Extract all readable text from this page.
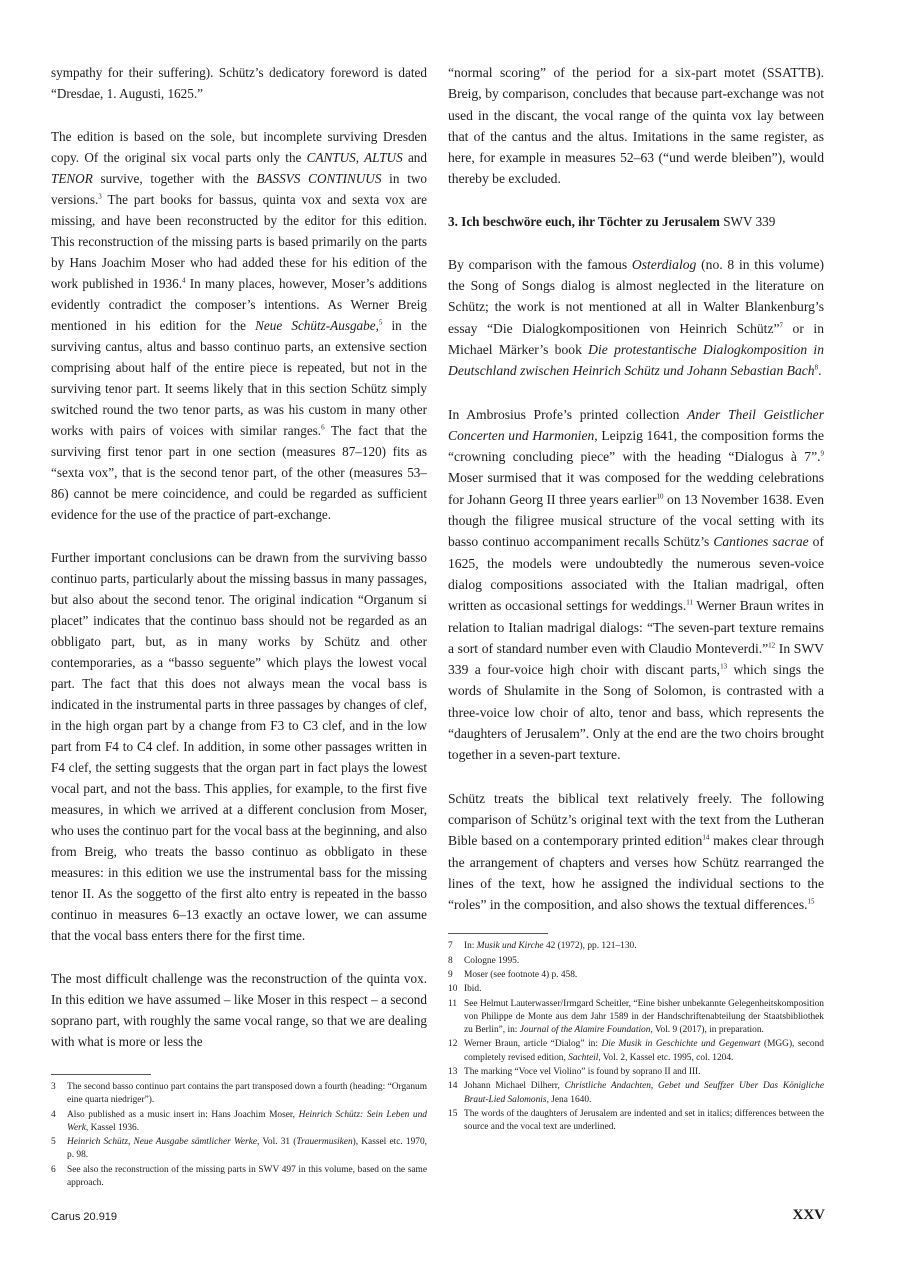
sympathy for their suffering). Schütz’s dedicatory foreword is dated “Dresdae, 1. Augusti, 1625.”

The edition is based on the sole, but incomplete surviving Dresden copy. Of the original six vocal parts only the CANTUS, ALTUS and TENOR survive, together with the BASSVS CONTINUUS in two versions.$^3$ The part books for bassus, quinta vox and sexta vox are missing, and have been reconstructed by the editor for this edition. This reconstruction of the missing parts is based primarily on the parts by Hans Joachim Moser who had added these for his edition of the work published in 1936.$^4$ In many places, however, Moser’s additions evidently contradict the composer’s intentions. As Werner Breig mentioned in his edition for the Neue Schütz-Ausgabe,$^5$ in the surviving cantus, altus and basso continuo parts, an extensive section comprising about half of the entire piece is repeated, but not in the surviving tenor part. It seems likely that in this section Schütz simply switched round the two tenor parts, as was his custom in many other works with pairs of voices with similar ranges.$^6$ The fact that the surviving first tenor part in one section (measures 87–120) fits as “sexta vox”, that is the second tenor part, of the other (measures 53–86) cannot be mere coincidence, and could be regarded as sufficient evidence for the use of the practice of part-exchange.

Further important conclusions can be drawn from the surviving basso continuo parts, particularly about the missing bassus in many passages, but also about the second tenor. The original indication “Organum si placet” indicates that the continuo bass should not be regarded as an obbligato part, but, as in many works by Schütz and other contemporaries, as a “basso seguente” which plays the lowest vocal part. The fact that this does not always mean the vocal bass is indicated in the instrumental parts in three passages by changes of clef, in the high organ part by a change from F3 to C3 clef, and in the low part from F4 to C4 clef. In addition, in some other passages written in F4 clef, the setting suggests that the organ part in fact plays the lowest vocal part, and not the bass. This applies, for example, to the first five measures, in which we arrived at a different conclusion from Moser, who uses the continuo part for the vocal bass at the beginning, and also from Breig, who treats the basso continuo as obbligato in these measures: in this edition we use the instrumental bass for the missing tenor II. As the soggetto of the first alto entry is repeated in the basso continuo in measures 6–13 exactly an octave lower, we can assume that the vocal bass enters there for the first time.

The most difficult challenge was the reconstruction of the quinta vox. In this edition we have assumed – like Moser in this respect – a second soprano part, with roughly the same vocal range, so that we are dealing with what is more or less the

3 The second basso continuo part contains the part transposed down a fourth (heading: “Organum eine quarta niedriger”).
4 Also published as a music insert in: Hans Joachim Moser, Heinrich Schütz: Sein Leben und Werk, Kassel 1936.
5 Heinrich Schütz, Neue Ausgabe sämtlicher Werke, Vol. 31 (Trauermusiken), Kassel etc. 1970, p. 98.
6 See also the reconstruction of the missing parts in SWV 497 in this volume, based on the same approach.

“normal scoring” of the period for a six-part motet (SSATTB). Breig, by comparison, concludes that because part-exchange was not used in the discant, the vocal range of the quinta vox lay between that of the cantus and the altus. Imitations in the same register, as here, for example in measures 52–63 (“und werde bleiben”), would thereby be excluded.

3. Ich beschwöre euch, ihr Töchter zu Jerusalem SWV 339

By comparison with the famous Osterdialog (no. 8 in this volume) the Song of Songs dialog is almost neglected in the literature on Schütz; the work is not mentioned at all in Walter Blankenburg’s essay “Die Dialogkompositionen von Heinrich Schütz”$^7$ or in Michael Märker’s book Die protestantische Dialogkomposition in Deutschland zwischen Heinrich Schütz und Johann Sebastian Bach$^8$.

In Ambrosius Profe’s printed collection Ander Theil Geistlicher Concerten und Harmonien, Leipzig 1641, the composition forms the “crowning concluding piece” with the heading “Dialogus à 7”.$^9$ Moser surmised that it was composed for the wedding celebrations for Johann Georg II three years earlier$^{10}$ on 13 November 1638. Even though the filigree musical structure of the vocal setting with its basso continuo accompaniment recalls Schütz’s Cantiones sacrae of 1625, the models were undoubtedly the numerous seven-voice dialog compositions associated with the Italian madrigal, often written as occasional settings for weddings.$^{11}$ Werner Braun writes in relation to Italian madrigal dialogs: “The seven-part texture remains a sort of standard number even with Claudio Monteverdi.”$^{12}$ In SWV 339 a four-voice high choir with discant parts,$^{13}$ which sings the words of Shulamite in the Song of Solomon, is contrasted with a three-voice low choir of alto, tenor and bass, which represents the “daughters of Jerusalem”. Only at the end are the two choirs brought together in a seven-part texture.

Schütz treats the biblical text relatively freely. The following comparison of Schütz’s original text with the text from the Lutheran Bible based on a contemporary printed edition$^{14}$ makes clear through the arrangement of chapters and verses how Schütz rearranged the lines of the text, how he assigned the individual sections to the “roles” in the composition, and also shows the textual differences.$^{15}$

7 In: Musik und Kirche 42 (1972), pp. 121–130.
8 Cologne 1995.
9 Moser (see footnote 4) p. 458.
10 Ibid.
11 See Helmut Lauterwasser/Irmgard Scheitler, “Eine bisher unbekannte Gelegenheitskomposition von Philippe de Monte aus dem Jahr 1589 in der Handschriftenabteilung der Staatsbibliothek zu Berlin”, in: Journal of the Alamire Foundation, Vol. 9 (2017), in preparation.
12 Werner Braun, article “Dialog” in: Die Musik in Geschichte und Gegenwart (MGG), second completely revised edition, Sachteil, Vol. 2, Kassel etc. 1995, col. 1204.
13 The marking “Voce vel Violino” is found by soprano II and III.
14 Johann Michael Dilherr, Christliche Andachten, Gebet und Seuffzer Uber Das Königliche Braut-Lied Salomonis, Jena 1640.
15 The words of the daughters of Jerusalem are indented and set in italics; differences between the source and the vocal text are underlined.
Carus 20.919	XXV
